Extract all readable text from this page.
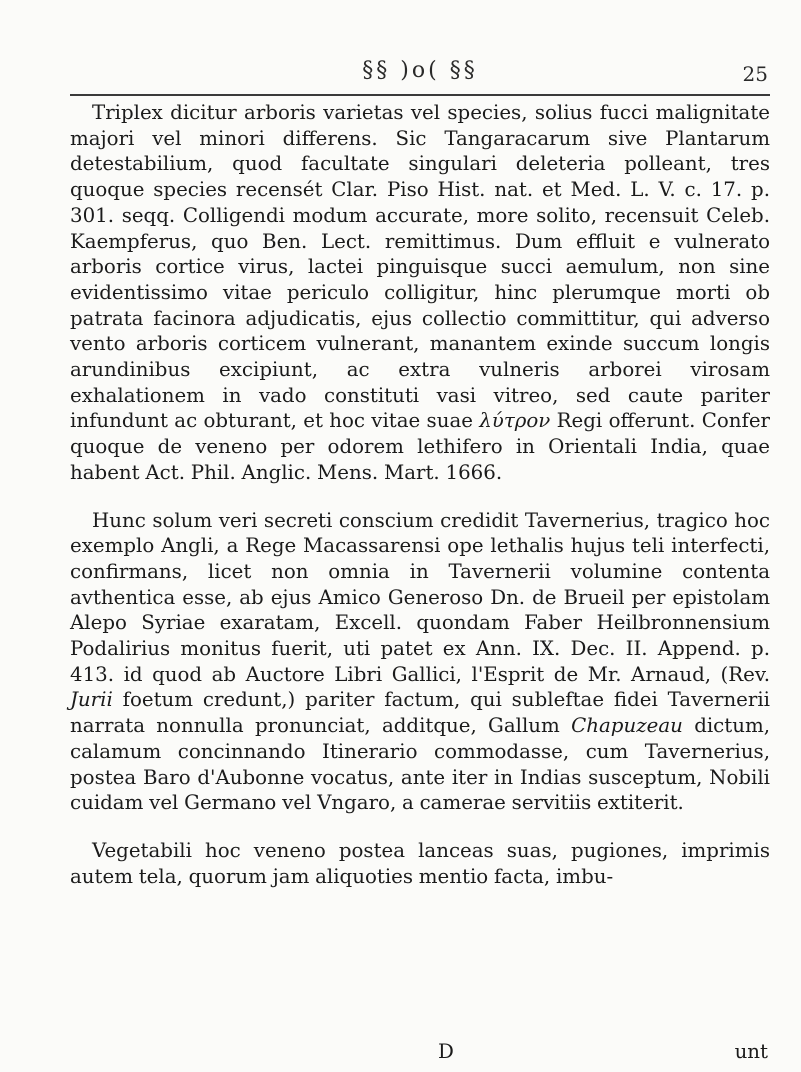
§§ )o( §§	25

Triplex dicitur arboris varietas vel species, solius fucci malignitate majori vel minori differens. Sic Tangaracarum sive Plantarum detestabilium, quod facultate singulari deleteria polleant, tres quoque species recensét Clar. Piso Hist. nat. et Med. L. V. c. 17. p. 301. seqq. Colligendi modum accurate, more solito, recensuit Celeb. Kaempferus, quo Ben. Lect. remittimus. Dum effluit e vulnerato arboris cortice virus, lactei pinguisque succi aemulum, non sine evidentissimo vitae periculo colligitur, hinc plerumque morti ob patrata facinora adjudicatis, ejus collectio committitur, qui adverso vento arboris corticem vulnerant, manantem exinde succum longis arundinibus excipiunt, ac extra vulneris arborei virosam exhalationem in vado constituti vasi vitreo, sed caute pariter infundunt ac obturant, et hoc vitae suae λύτρον Regi offerunt. Confer quoque de veneno per odorem lethifero in Orientali India, quae habent Act. Phil. Anglic. Mens. Mart. 1666.

Hunc solum veri secreti conscium credidit Tavernerius, tragico hoc exemplo Angli, a Rege Macassarensi ope lethalis hujus teli interfecti, confirmans, licet non omnia in Tavernerii volumine contenta avthentica esse, ab ejus Amico Generoso Dn. de Brueil per epistolam Alepo Syriae exaratam, Excell. quondam Faber Heilbronnensium Podalirius monitus fuerit, uti patet ex Ann. IX. Dec. II. Append. p. 413. id quod ab Auctore Libri Gallici, l'Esprit de Mr. Arnaud, (Rev. Jurii foetum credunt,) pariter factum, qui subleftae fidei Tavernerii narrata nonnulla pronunciat, additque, Gallum Chapuzeau dictum, calamum concinnando Itinerario commodasse, cum Tavernerius, postea Baro d'Aubonne vocatus, ante iter in Indias susceptum, Nobili cuidam vel Germano vel Vngaro, a camerae servitiis extiterit.

Vegetabili hoc veneno postea lanceas suas, pugiones, imprimis autem tela, quorum jam aliquoties mentio facta, imbu-

D	unt
